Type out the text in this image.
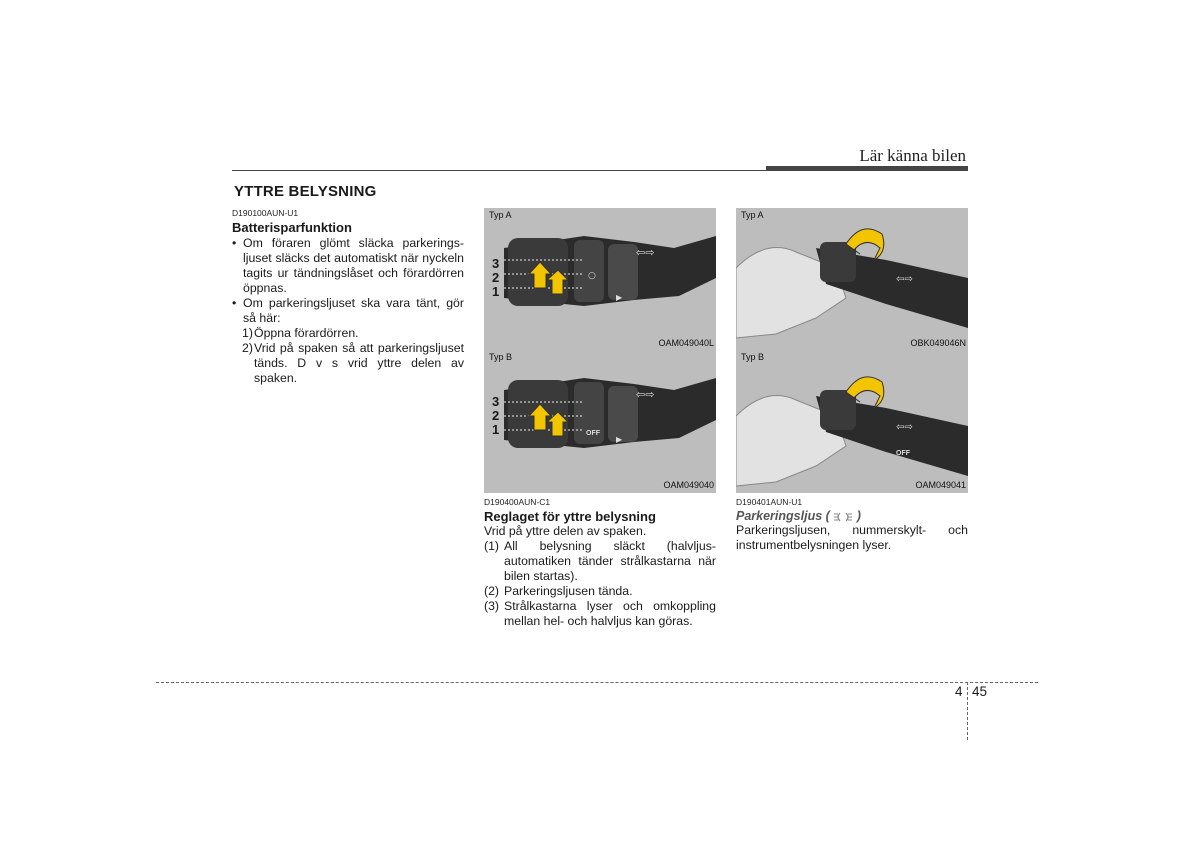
Lär känna bilen
YTTRE BELYSNING
D190100AUN-U1
Batterisparfunktion
• Om föraren glömt släcka parkerings-ljuset släcks det automatiskt när nyckeln tagits ur tändningslåset och förardörren öppnas.
• Om parkeringsljuset ska vara tänt, gör så här:
1) Öppna förardörren.
2) Vrid på spaken så att parkeringsljuset tänds. D v s vrid yttre delen av spaken.
⇦⇨
○
▶
Typ A
3
2
1
OAM049040L
⇦⇨
▶
Typ B
3
2
1	OFF
OAM049040
⇦⇨
Typ A
OBK049046N
⇦⇨
Typ B
OFF
OAM049041
D190400AUN-C1
Reglaget för yttre belysning
Vrid på yttre delen av spaken.
(1) All belysning släckt (halvljus-automatiken tänder strålkastarna när bilen startas).
(2) Parkeringsljusen tända.
(3) Strålkastarna lyser och omkoppling mellan hel- och halvljus kan göras.
D190401AUN-U1
Parkeringsljus ( )
Parkeringsljusen, nummerskylt- och instrumentbelysningen lyser.
4 45
